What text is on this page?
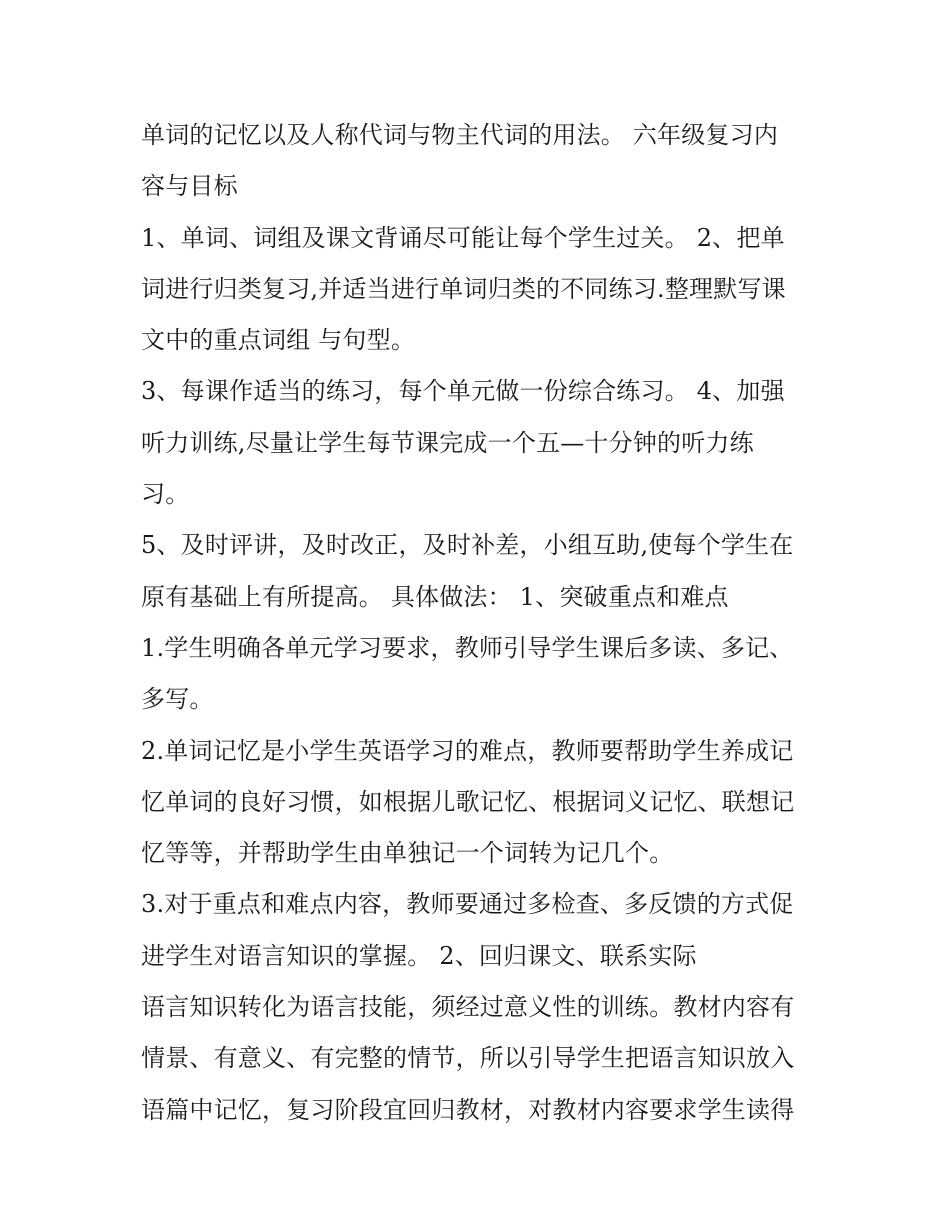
单词的记忆以及人称代词与物主代词的用法。 六年级复习内
容与目标
1、单词、词组及课文背诵尽可能让每个学生过关。 2、把单
词进行归类复习,并适当进行单词归类的不同练习.整理默写课
文中的重点词组 与句型。
3、每课作适当的练习，每个单元做一份综合练习。 4、加强
听力训练,尽量让学生每节课完成一个五—十分钟的听力练
习。
5、及时评讲，及时改正，及时补差，小组互助,使每个学生在
原有基础上有所提高。 具体做法： 1、突破重点和难点
1.学生明确各单元学习要求，教师引导学生课后多读、多记、
多写。
2.单词记忆是小学生英语学习的难点，教师要帮助学生养成记
忆单词的良好习惯，如根据儿歌记忆、根据词义记忆、联想记
忆等等，并帮助学生由单独记一个词转为记几个。
3.对于重点和难点内容，教师要通过多检查、多反馈的方式促
进学生对语言知识的掌握。 2、回归课文、联系实际
语言知识转化为语言技能，须经过意义性的训练。教材内容有
情景、有意义、有完整的情节，所以引导学生把语言知识放入
语篇中记忆，复习阶段宜回归教材，对教材内容要求学生读得
